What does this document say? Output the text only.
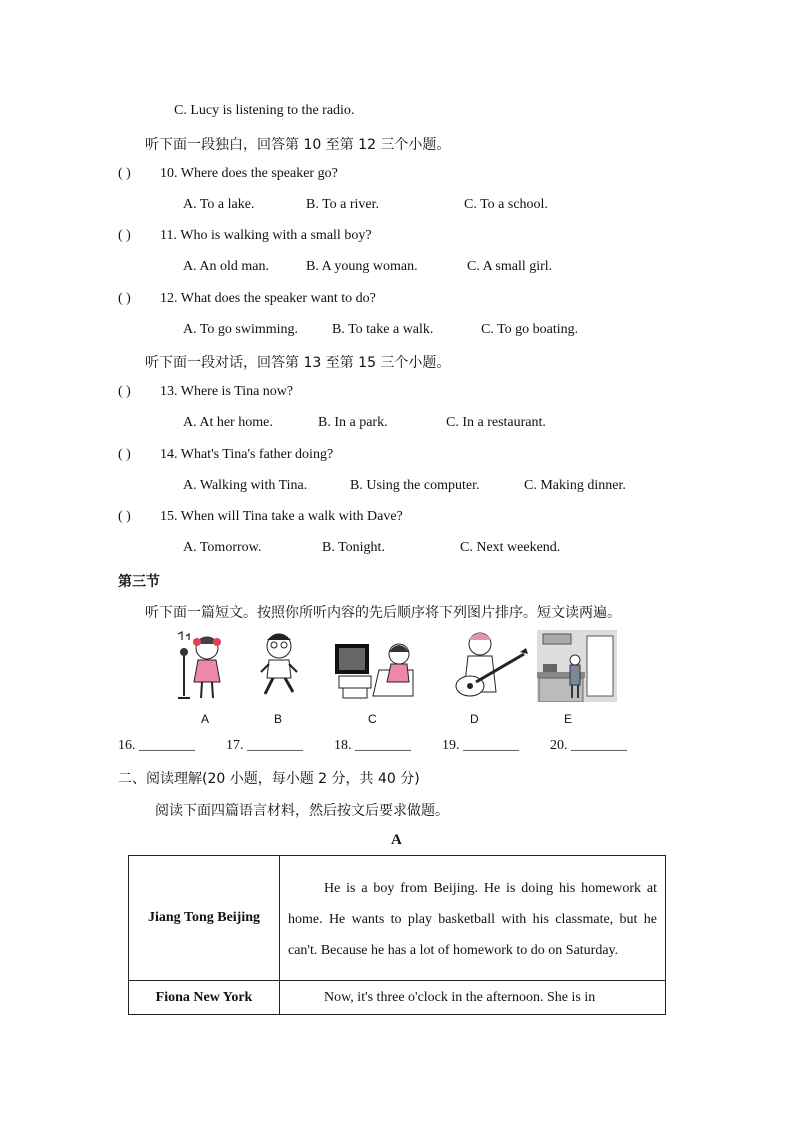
C. Lucy is listening to the radio.
听下面一段独白，回答第 10 至第 12 三个小题。
( ) 10. Where does the speaker go?
A. To a lake.	B. To a river.	C. To a school.
( ) 11. Who is walking with a small boy?
A. An old man.	B. A young woman.	C. A small girl.
( ) 12. What does the speaker want to do?
A. To go swimming. B. To take a walk.	C. To go boating.
听下面一段对话，回答第 13 至第 15 三个小题。
( ) 13. Where is Tina now?
A. At her home.	B. In a park.	C. In a restaurant.
( ) 14. What's Tina's father doing?
A. Walking with Tina.	B. Using the computer.	C. Making dinner.
( ) 15. When will Tina take a walk with Dave?
A. Tomorrow.	B. Tonight.	C. Next weekend.
第三节
听下面一篇短文。按照你所听内容的先后顺序将下列图片排序。短文读两遍。
A	B	C	D	E
16. ________ 17. ________ 18. ________ 19. ________ 20. ________
二、阅读理解(20 小题，每小题 2 分，共 40 分)
阅读下面四篇语言材料，然后按文后要求做题。
A
Jiang Tong Beijing	He is a boy from Beijing. He is doing his homework at home. He wants to play basketball with his classmate, but he can't. Because he has a lot of homework to do on Saturday.
Fiona New York	Now, it's three o'clock in the afternoon. She is in
